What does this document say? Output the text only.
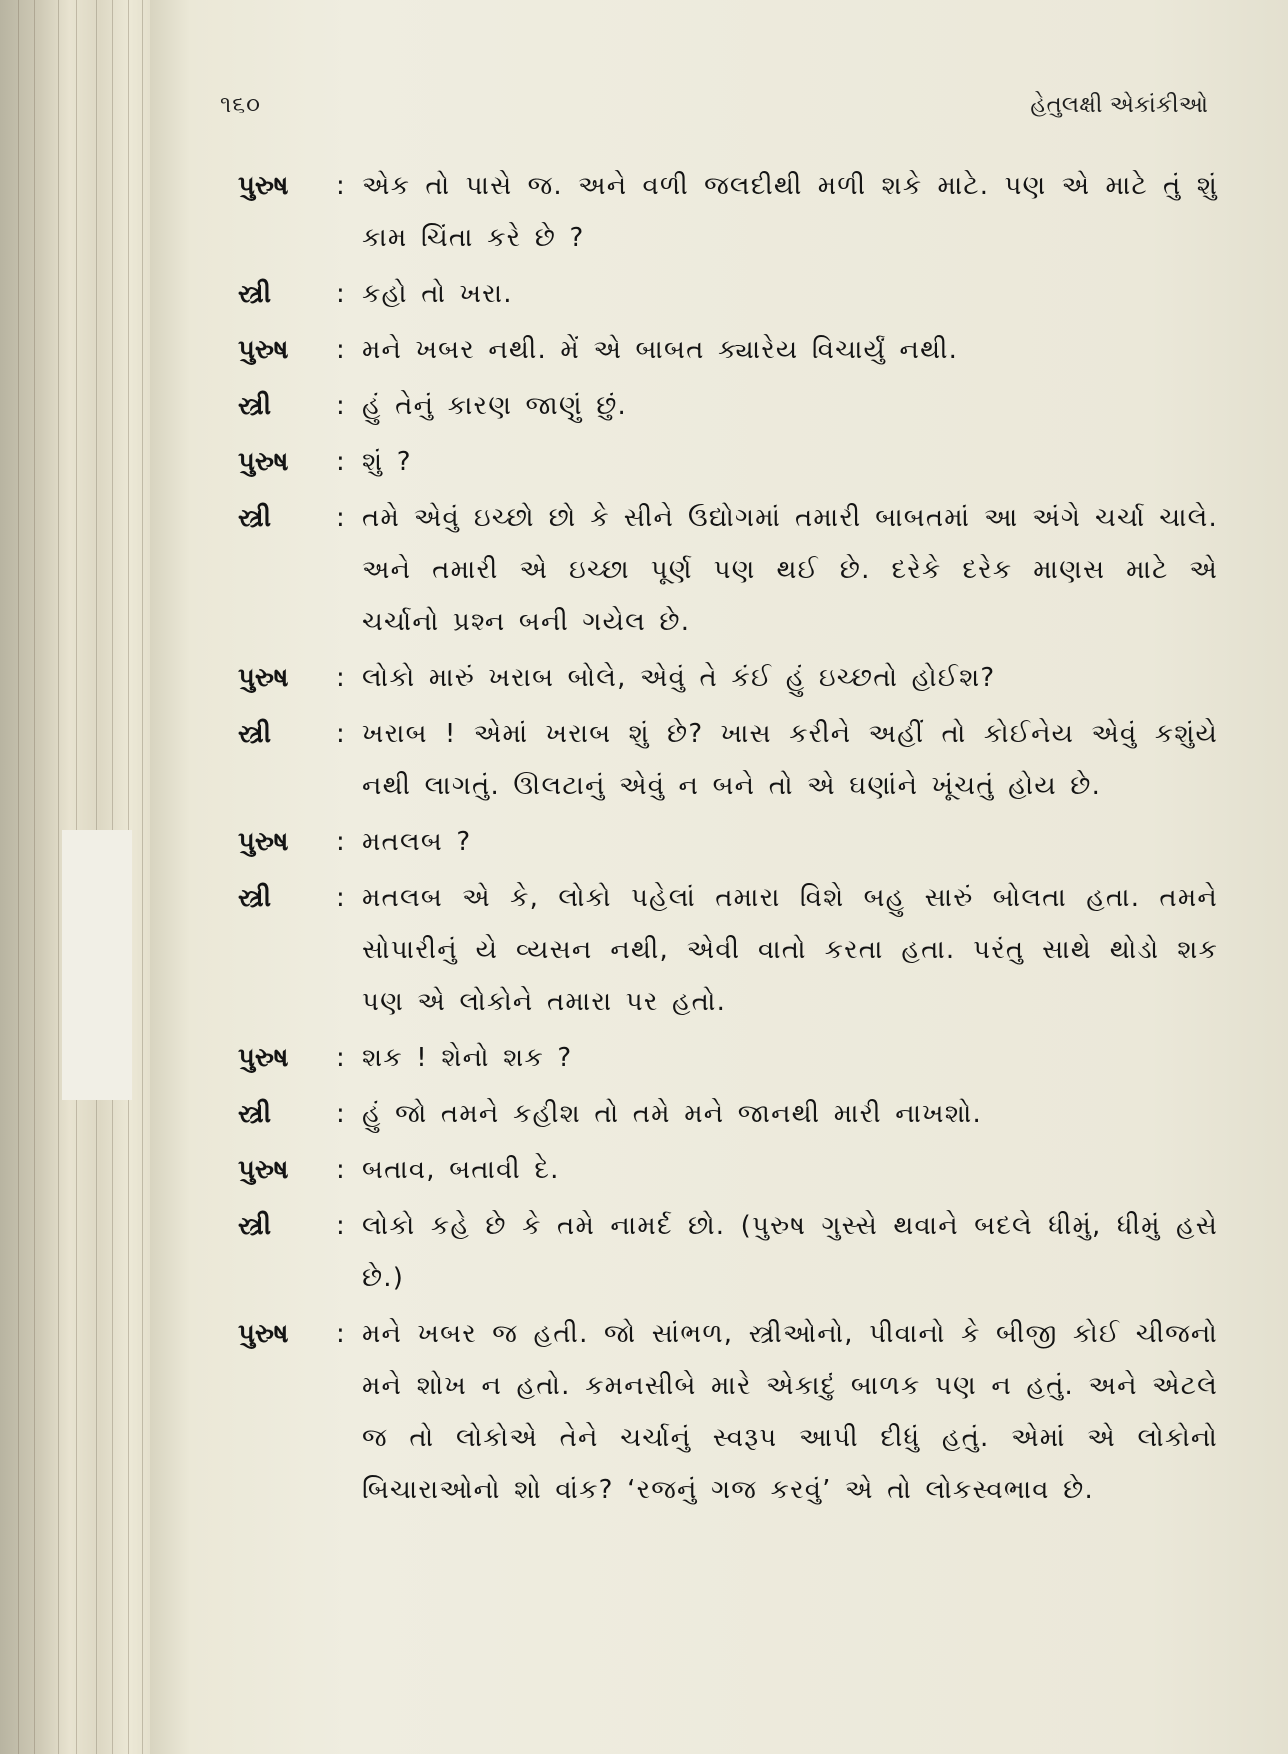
૧૬૦	હેતુલક્ષી એકાંકીઓ
પુરુષ	: એક તો પાસે જ. અને વળી જલદીથી મળી શકે માટે. પણ એ માટે તું શું કામ ચિંતા કરે છે ?
સ્ત્રી	: કહો તો ખરા.
પુરુષ	: મને ખબર નથી. મેં એ બાબત ક્યારેય વિચાર્યું નથી.
સ્ત્રી	: હું તેનું કારણ જાણું છું.
પુરુષ	: શું ?
સ્ત્રી	: તમે એવું ઇચ્છો છો કે સીને ઉદ્યોગમાં તમારી બાબતમાં આ અંગે ચર્ચા ચાલે. અને તમારી એ ઇચ્છા પૂર્ણ પણ થઈ છે. દરેકે દરેક માણસ માટે એ ચર્ચાનો પ્રશ્ન બની ગયેલ છે.
પુરુષ	: લોકો મારું ખરાબ બોલે, એવું તે કંઈ હું ઇચ્છતો હોઈશ?
સ્ત્રી	: ખરાબ ! એમાં ખરાબ શું છે? ખાસ કરીને અહીં તો કોઈનેય એવું કશુંયે નથી લાગતું. ઊલટાનું એવું ન બને તો એ ઘણાંને ખૂંચતું હોય છે.
પુરુષ	: મતલબ ?
સ્ત્રી	: મતલબ એ કે, લોકો પહેલાં તમારા વિશે બહુ સારું બોલતા હતા. તમને સોપારીનું યે વ્યસન નથી, એવી વાતો કરતા હતા. પરંતુ સાથે થોડો શક પણ એ લોકોને તમારા પર હતો.
પુરુષ	: શક ! શેનો શક ?
સ્ત્રી	: હું જો તમને કહીશ તો તમે મને જાનથી મારી નાખશો.
પુરુષ	: બતાવ, બતાવી દે.
સ્ત્રી	: લોકો કહે છે કે તમે નામર્દ છો. (પુરુષ ગુસ્સે થવાને બદલે ધીમું, ધીમું હસે છે.)
પુરુષ	: મને ખબર જ હતી. જો સાંભળ, સ્ત્રીઓનો, પીવાનો કે બીજી કોઈ ચીજનો મને શોખ ન હતો. કમનસીબે મારે એકાદું બાળક પણ ન હતું. અને એટલે જ તો લોકોએ તેને ચર્ચાનું સ્વરૂપ આપી દીધું હતું. એમાં એ લોકોનો બિચારાઓનો શો વાંક? ‘રજનું ગજ કરવું’ એ તો લોકસ્વભાવ છે.
